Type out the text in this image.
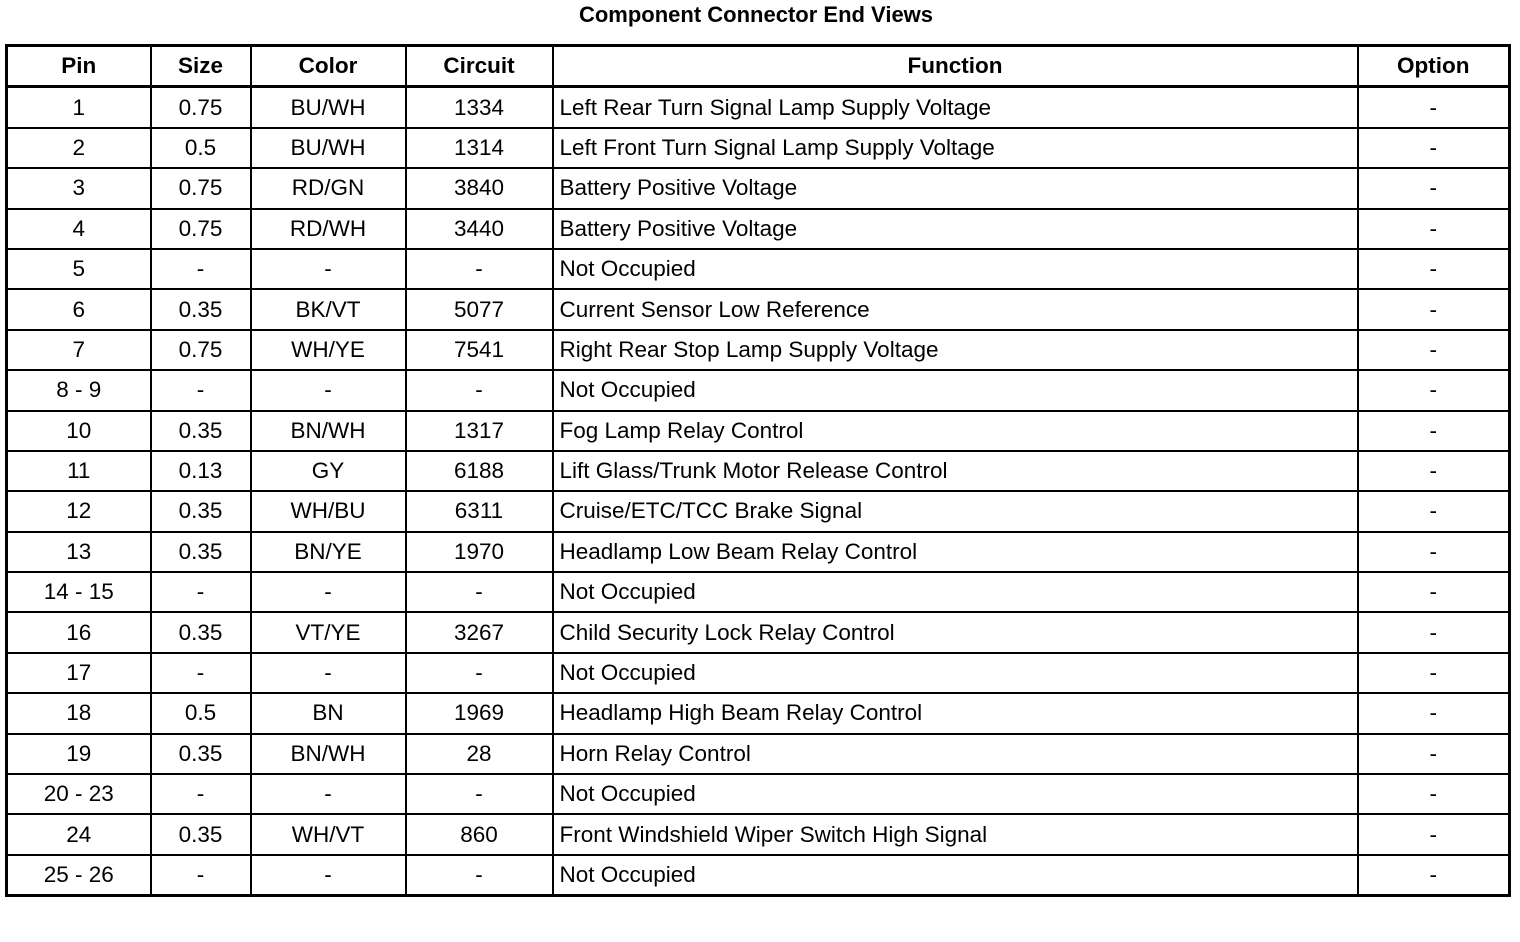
Component Connector End Views
Pin	Size	Color	Circuit	Function	Option
1	0.75	BU/WH	1334	Left Rear Turn Signal Lamp Supply Voltage	-
2	0.5	BU/WH	1314	Left Front Turn Signal Lamp Supply Voltage	-
3	0.75	RD/GN	3840	Battery Positive Voltage	-
4	0.75	RD/WH	3440	Battery Positive Voltage	-
5	-	-	-	Not Occupied	-
6	0.35	BK/VT	5077	Current Sensor Low Reference	-
7	0.75	WH/YE	7541	Right Rear Stop Lamp Supply Voltage	-
8 - 9	-	-	-	Not Occupied	-
10	0.35	BN/WH	1317	Fog Lamp Relay Control	-
11	0.13	GY	6188	Lift Glass/Trunk Motor Release Control	-
12	0.35	WH/BU	6311	Cruise/ETC/TCC Brake Signal	-
13	0.35	BN/YE	1970	Headlamp Low Beam Relay Control	-
14 - 15	-	-	-	Not Occupied	-
16	0.35	VT/YE	3267	Child Security Lock Relay Control	-
17	-	-	-	Not Occupied	-
18	0.5	BN	1969	Headlamp High Beam Relay Control	-
19	0.35	BN/WH	28	Horn Relay Control	-
20 - 23	-	-	-	Not Occupied	-
24	0.35	WH/VT	860	Front Windshield Wiper Switch High Signal	-
25 - 26	-	-	-	Not Occupied	-
